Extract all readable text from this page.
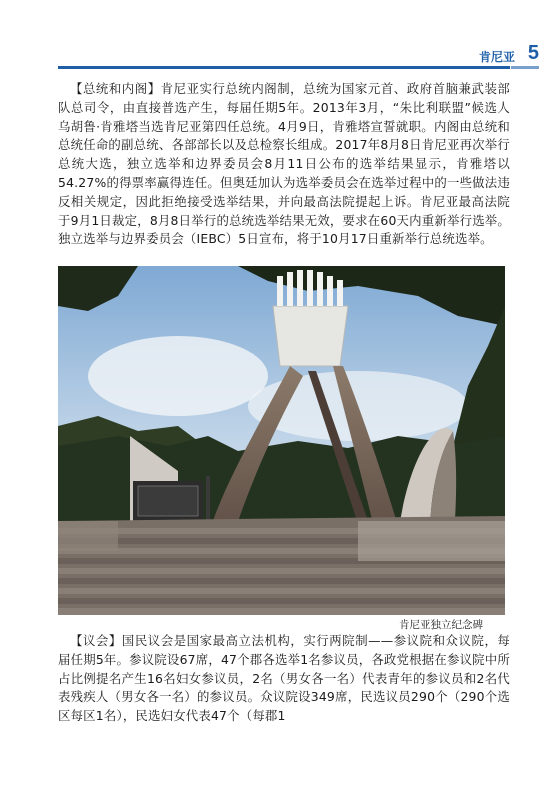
肯尼亚 5

【总统和内阁】肯尼亚实行总统内阁制，总统为国家元首、政府首脑兼武装部队总司令，由直接普选产生，每届任期5年。2013年3月，“朱比利联盟”候选人乌胡鲁·肯雅塔当选肯尼亚第四任总统。4月9日，肯雅塔宣誓就职。内阁由总统和总统任命的副总统、各部部长以及总检察长组成。2017年8月8日肯尼亚再次举行总统大选，独立选举和边界委员会8月11日公布的选举结果显示，肯雅塔以54.27%的得票率赢得连任。但奥廷加认为选举委员会在选举过程中的一些做法违反相关规定，因此拒绝接受选举结果，并向最高法院提起上诉。肯尼亚最高法院于9月1日裁定，8月8日举行的总统选举结果无效，要求在60天内重新举行选举。独立选举与边界委员会（IEBC）5日宣布，将于10月17日重新举行总统选举。

肯尼亚独立纪念碑

【议会】国民议会是国家最高立法机构，实行两院制——参议院和众议院，每届任期5年。参议院设67席，47个郡各选举1名参议员，各政党根据在参议院中所占比例提名产生16名妇女参议员，2名（男女各一名）代表青年的参议员和2名代表残疾人（男女各一名）的参议员。众议院设349席，民选议员290个（290个选区每区1名），民选妇女代表47个（每郡1
